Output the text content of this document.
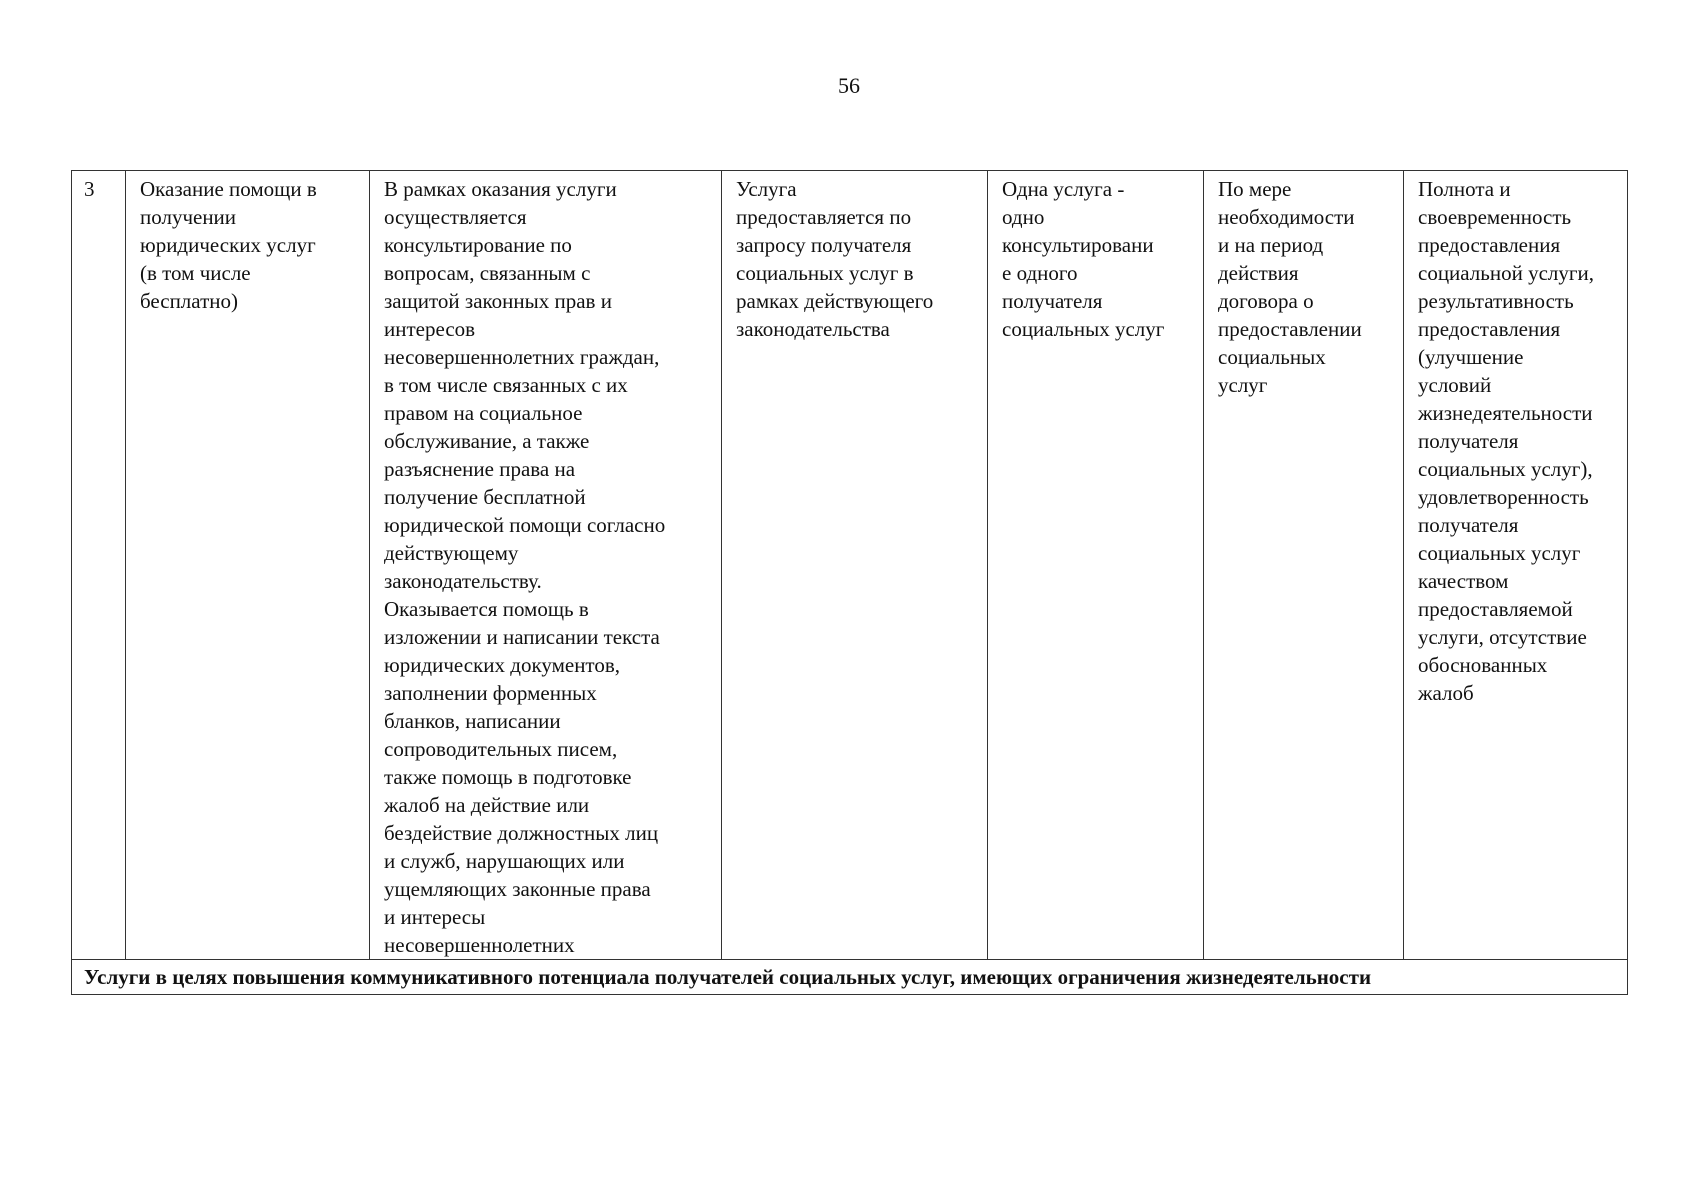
56
3	Оказание помощи в
получении
юридических услуг
(в том числе
бесплатно)	В рамках оказания услуги
осуществляется
консультирование по
вопросам, связанным с
защитой законных прав и
интересов
несовершеннолетних граждан,
в том числе связанных с их
правом на социальное
обслуживание, а также
разъяснение права на
получение бесплатной
юридической помощи согласно
действующему
законодательству.
Оказывается помощь в
изложении и написании текста
юридических документов,
заполнении форменных
бланков, написании
сопроводительных писем,
также помощь в подготовке
жалоб на действие или
бездействие должностных лиц
и служб, нарушающих или
ущемляющих законные права
и интересы
несовершеннолетних	Услуга
предоставляется по
запросу получателя
социальных услуг в
рамках действующего
законодательства	Одна услуга -
одно
консультировани
е одного
получателя
социальных услуг	По мере
необходимости
и на период
действия
договора о
предоставлении
социальных
услуг	Полнота и
своевременность
предоставления
социальной услуги,
результативность
предоставления
(улучшение
условий
жизнедеятельности
получателя
социальных услуг),
удовлетворенность
получателя
социальных услуг
качеством
предоставляемой
услуги, отсутствие
обоснованных
жалоб
Услуги в целях повышения коммуникативного потенциала получателей социальных услуг, имеющих ограничения жизнедеятельности
